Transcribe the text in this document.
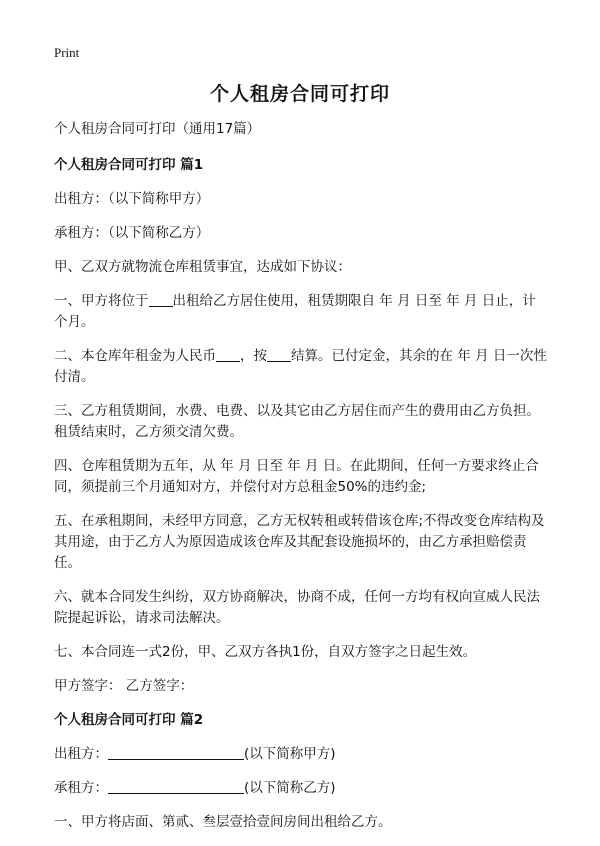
Print
个人租房合同可打印

个人租房合同可打印（通用17篇）

个人租房合同可打印 篇1

出租方：（以下简称甲方）

承租方：（以下简称乙方）

甲、乙双方就物流仓库租赁事宜，达成如下协议：

一、甲方将位于 出租给乙方居住使用，租赁期限自 年 月 日至 年 月 日止，计 个月。

二、本仓库年租金为人民币 ，按 结算。已付定金，其余的在 年 月 日一次性付清。

三、乙方租赁期间，水费、电费、以及其它由乙方居住而产生的费用由乙方负担。租赁结束时，乙方须交清欠费。

四、仓库租赁期为五年，从 年 月 日至 年 月 日。在此期间，任何一方要求终止合同，须提前三个月通知对方，并偿付对方总租金50%的违约金;

五、在承租期间，未经甲方同意，乙方无权转租或转借该仓库;不得改变仓库结构及其用途，由于乙方人为原因造成该仓库及其配套设施损坏的，由乙方承担赔偿责任。

六、就本合同发生纠纷，双方协商解决，协商不成，任何一方均有权向宣威人民法院提起诉讼，请求司法解决。

七、本合同连一式2份，甲、乙双方各执1份，自双方签字之日起生效。

甲方签字： 乙方签字：

个人租房合同可打印 篇2

出租方：	(以下简称甲方)

承租方：	(以下简称乙方)

一、甲方将店面、第贰、叁层壹拾壹间房间出租给乙方。
